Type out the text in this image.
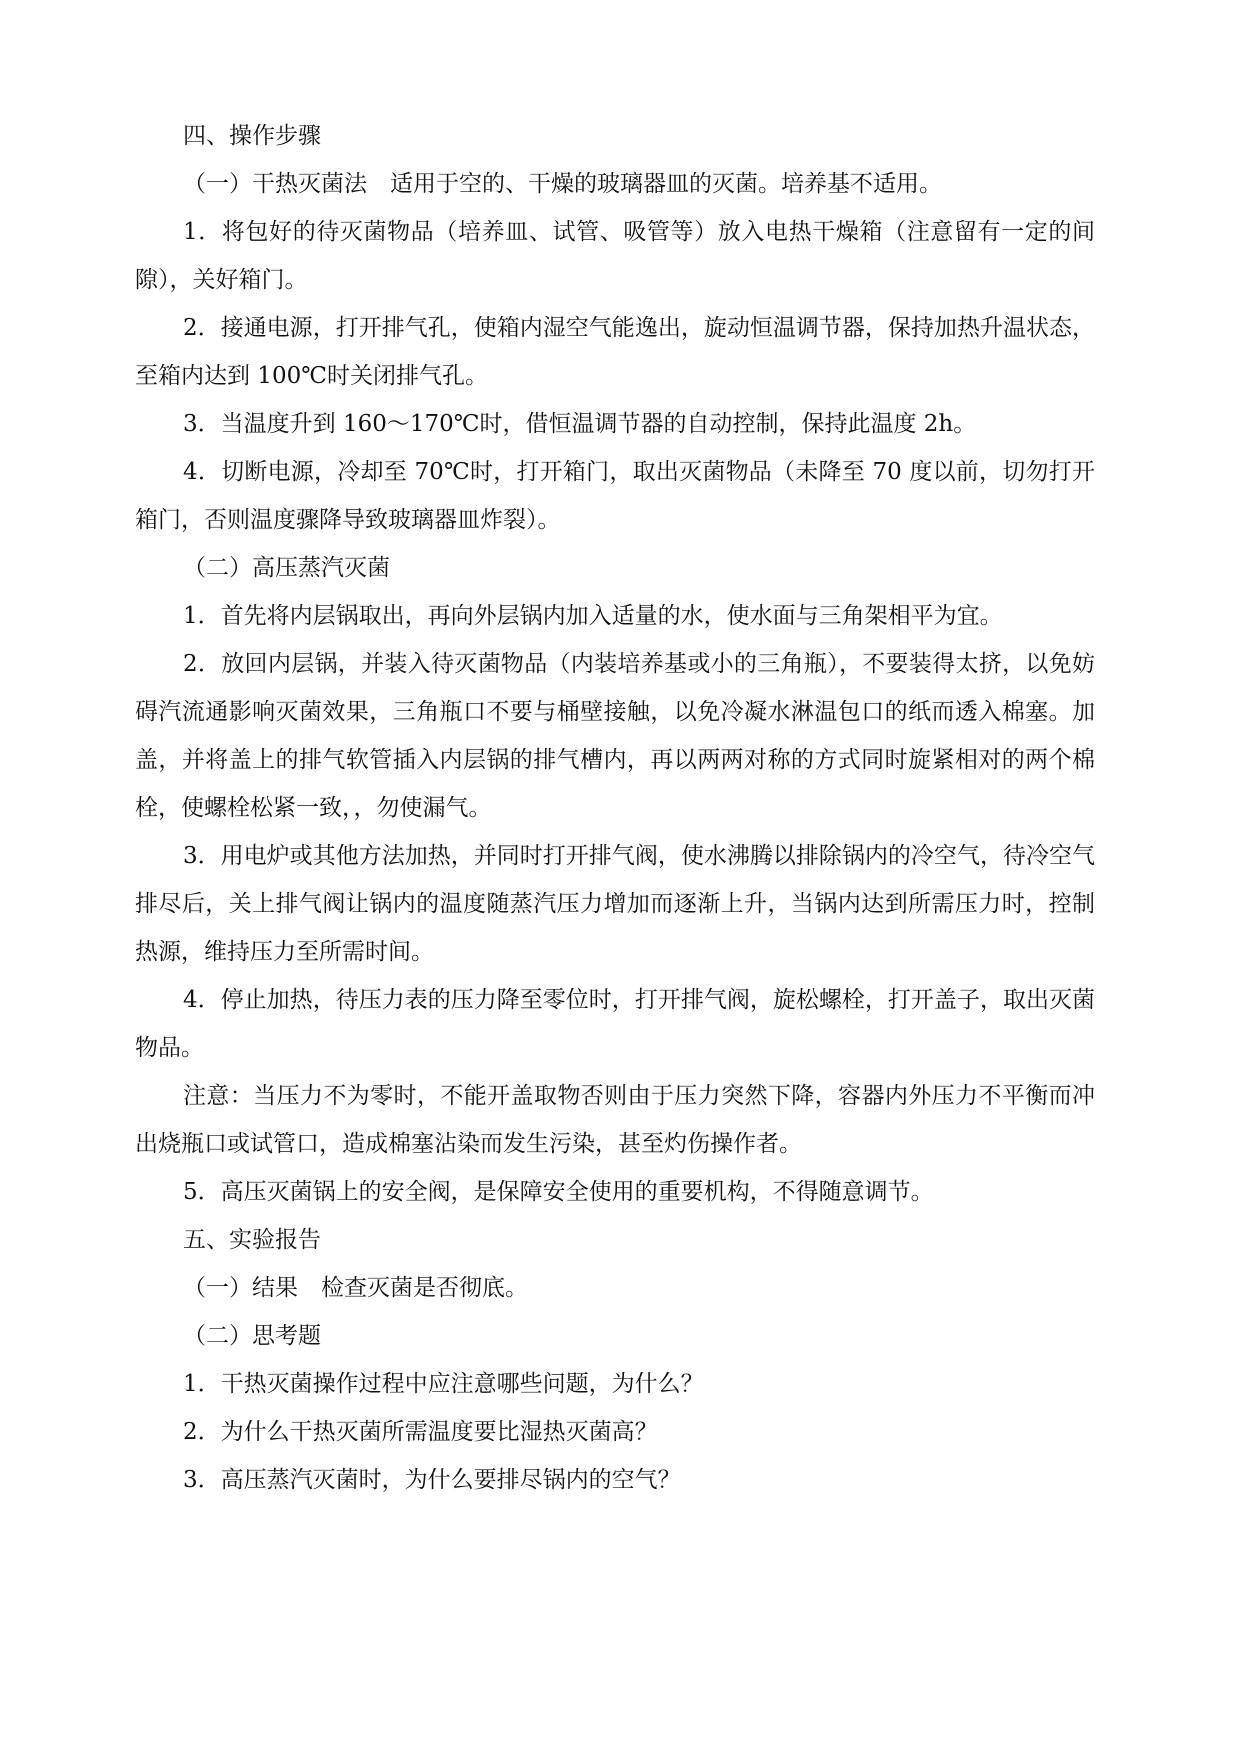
四、操作步骤

（一）干热灭菌法　适用于空的、干燥的玻璃器皿的灭菌。培养基不适用。

1．将包好的待灭菌物品（培养皿、试管、吸管等）放入电热干燥箱（注意留有一定的间隙），关好箱门。

2．接通电源，打开排气孔，使箱内湿空气能逸出，旋动恒温调节器，保持加热升温状态，至箱内达到 100℃时关闭排气孔。

3．当温度升到 160～170℃时，借恒温调节器的自动控制，保持此温度 2h。

4．切断电源，冷却至 70℃时，打开箱门，取出灭菌物品（未降至 70 度以前，切勿打开箱门，否则温度骤降导致玻璃器皿炸裂）。

（二）高压蒸汽灭菌

1．首先将内层锅取出，再向外层锅内加入适量的水，使水面与三角架相平为宜。

2．放回内层锅，并装入待灭菌物品（内装培养基或小的三角瓶），不要装得太挤，以免妨碍汽流通影响灭菌效果，三角瓶口不要与桶壁接触，以免冷凝水淋温包口的纸而透入棉塞。加盖，并将盖上的排气软管插入内层锅的排气槽内，再以两两对称的方式同时旋紧相对的两个棉栓，使螺栓松紧一致，，勿使漏气。

3．用电炉或其他方法加热，并同时打开排气阀，使水沸腾以排除锅内的冷空气，待冷空气排尽后，关上排气阀让锅内的温度随蒸汽压力增加而逐渐上升，当锅内达到所需压力时，控制热源，维持压力至所需时间。

4．停止加热，待压力表的压力降至零位时，打开排气阀，旋松螺栓，打开盖子，取出灭菌物品。

注意：当压力不为零时，不能开盖取物否则由于压力突然下降，容器内外压力不平衡而冲出烧瓶口或试管口，造成棉塞沾染而发生污染，甚至灼伤操作者。

5．高压灭菌锅上的安全阀，是保障安全使用的重要机构，不得随意调节。

五、实验报告

（一）结果　检查灭菌是否彻底。

（二）思考题

1．干热灭菌操作过程中应注意哪些问题，为什么？

2．为什么干热灭菌所需温度要比湿热灭菌高？

3．高压蒸汽灭菌时，为什么要排尽锅内的空气？
